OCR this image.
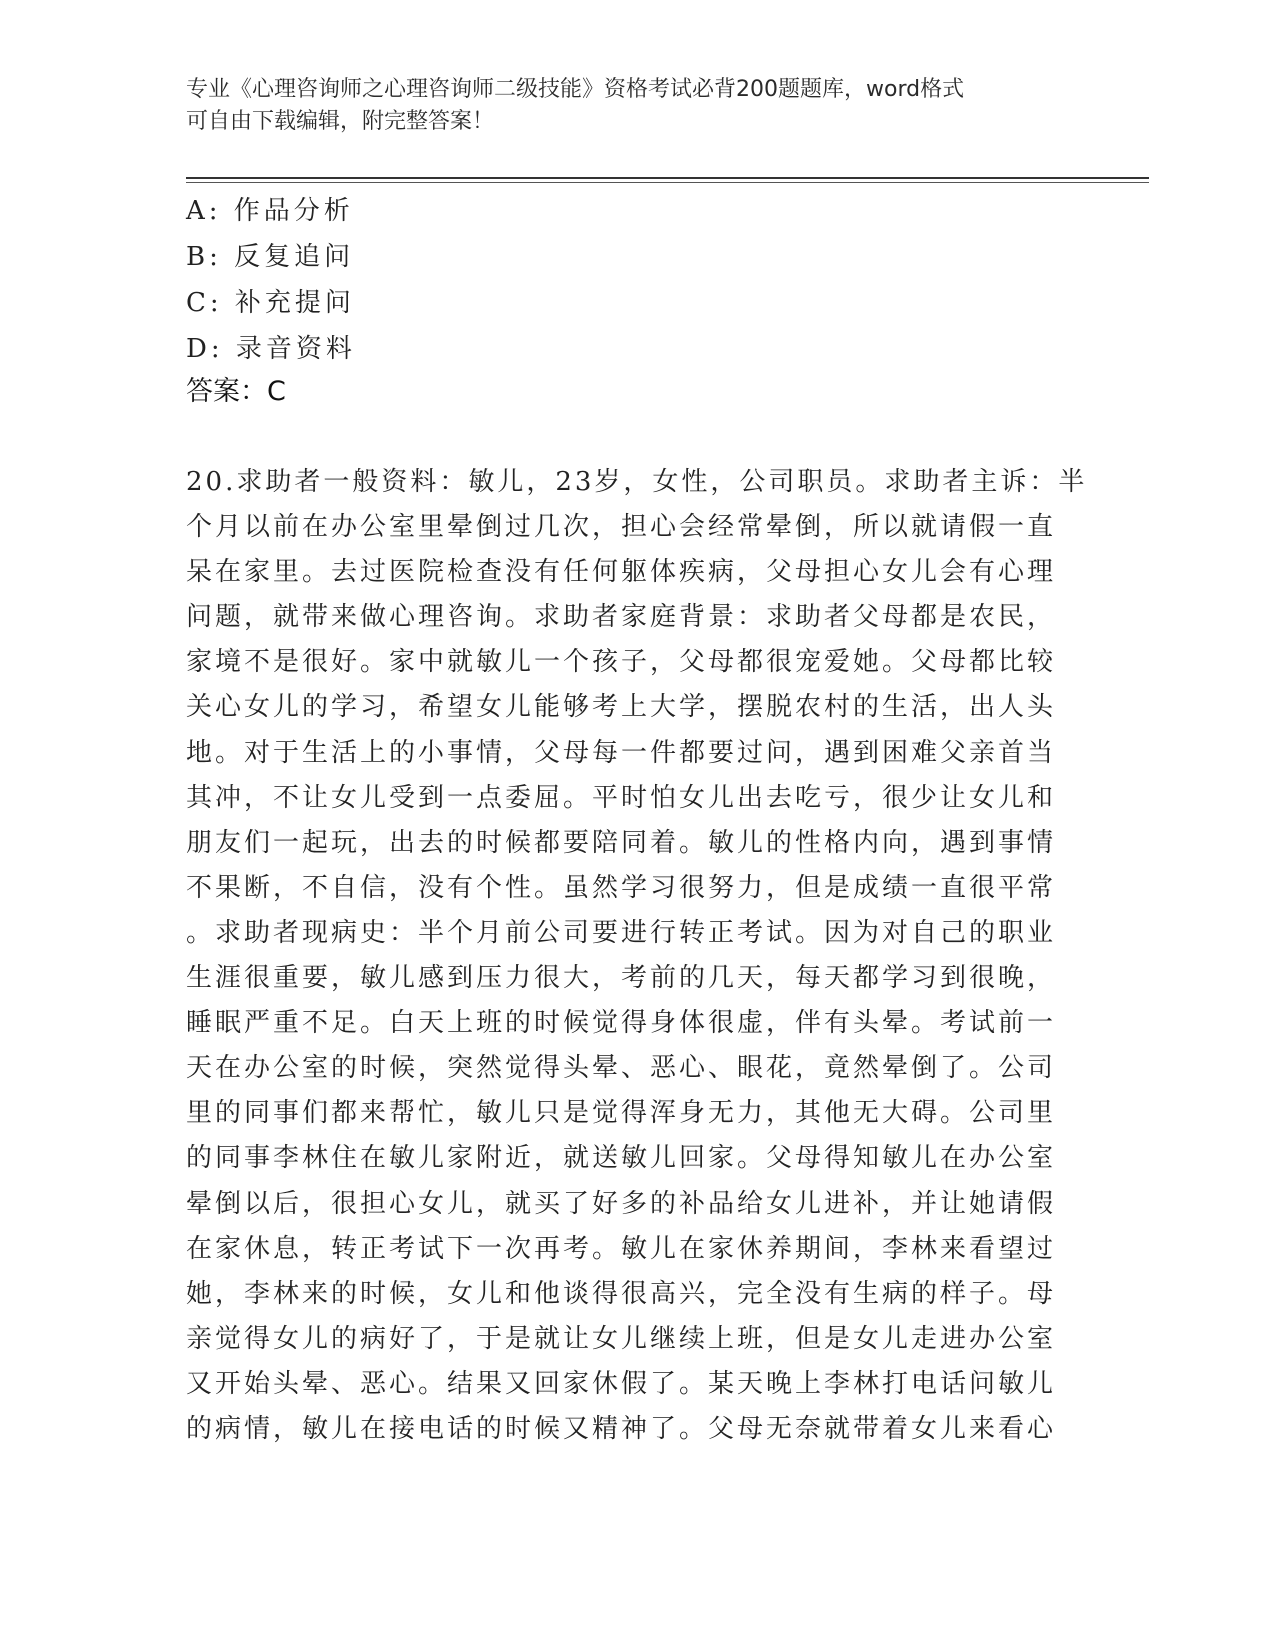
专业《心理咨询师之心理咨询师二级技能》资格考试必背200题题库，word格式
可自由下载编辑，附完整答案！
A: 作品分析
B: 反复追问
C: 补充提问
D: 录音资料
答案：C
20.求助者一般资料：敏儿，23岁，女性，公司职员。求助者主诉：半
个月以前在办公室里晕倒过几次，担心会经常晕倒，所以就请假一直
呆在家里。去过医院检查没有任何躯体疾病，父母担心女儿会有心理
问题，就带来做心理咨询。求助者家庭背景：求助者父母都是农民，
家境不是很好。家中就敏儿一个孩子，父母都很宠爱她。父母都比较
关心女儿的学习，希望女儿能够考上大学，摆脱农村的生活，出人头
地。对于生活上的小事情，父母每一件都要过问，遇到困难父亲首当
其冲，不让女儿受到一点委屈。平时怕女儿出去吃亏，很少让女儿和
朋友们一起玩，出去的时候都要陪同着。敏儿的性格内向，遇到事情
不果断，不自信，没有个性。虽然学习很努力，但是成绩一直很平常
。求助者现病史：半个月前公司要进行转正考试。因为对自己的职业
生涯很重要，敏儿感到压力很大，考前的几天，每天都学习到很晚，
睡眠严重不足。白天上班的时候觉得身体很虚，伴有头晕。考试前一
天在办公室的时候，突然觉得头晕、恶心、眼花，竟然晕倒了。公司
里的同事们都来帮忙，敏儿只是觉得浑身无力，其他无大碍。公司里
的同事李林住在敏儿家附近，就送敏儿回家。父母得知敏儿在办公室
晕倒以后，很担心女儿，就买了好多的补品给女儿进补，并让她请假
在家休息，转正考试下一次再考。敏儿在家休养期间，李林来看望过
她，李林来的时候，女儿和他谈得很高兴，完全没有生病的样子。母
亲觉得女儿的病好了，于是就让女儿继续上班，但是女儿走进办公室
又开始头晕、恶心。结果又回家休假了。某天晚上李林打电话问敏儿
的病情，敏儿在接电话的时候又精神了。父母无奈就带着女儿来看心
